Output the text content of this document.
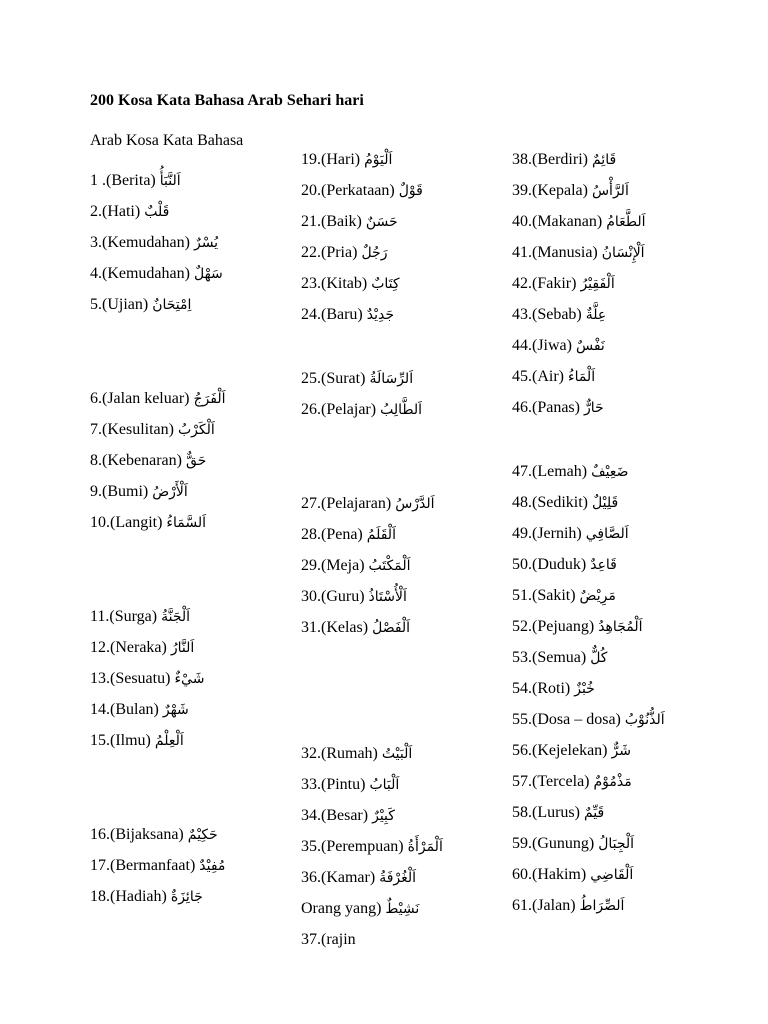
200 Kosa Kata Bahasa Arab Sehari hari
Arab Kosa Kata Bahasa
1 .(Berita) اَلنَّبَأُ
2.(Hati) قَلْبٌ
3.(Kemudahan) يُسْرٌ
4.(Kemudahan) سَهْلٌ
5.(Ujian) اِمْتِحَانٌ
6.(Jalan keluar) اَلْفَرَجُ
7.(Kesulitan) اَلْكَرْبُ
8.(Kebenaran) حَقٌّ
9.(Bumi) اَلْأَرْضُ
10.(Langit) اَلسَّمَاءُ
11.(Surga) اَلْجَنَّةُ
12.(Neraka) اَلنَّارُ
13.(Sesuatu) شَيْءٌ
14.(Bulan) شَهْرٌ
15.(Ilmu) اَلْعِلْمُ
16.(Bijaksana) حَكِيْمٌ
17.(Bermanfaat) مُفِيْدٌ
18.(Hadiah) جَائِزَةٌ
19.(Hari) اَلْيَوْمُ
20.(Perkataan) قَوْلٌ
21.(Baik) حَسَنٌ
22.(Pria) رَجُلٌ
23.(Kitab) كِتَابٌ
24.(Baru) جَدِيْدٌ
25.(Surat) اَلرِّسَالَةُ
26.(Pelajar) اَلطَّالِبُ
27.(Pelajaran) اَلدَّرْسُ
28.(Pena) اَلْقَلَمُ
29.(Meja) اَلْمَكْتَبُ
30.(Guru) اَلْأُسْتَاذُ
31.(Kelas) اَلْفَصْلُ
32.(Rumah) اَلْبَيْتُ
33.(Pintu) اَلْبَابُ
34.(Besar) كَبِيْرٌ
35.(Perempuan) اَلْمَرْأَةُ
36.(Kamar) اَلْغُرْفَةُ
Orang yang) نَشِيْطٌ
37.(rajin
38.(Berdiri) قَائِمٌ
39.(Kepala) اَلرَّأْسُ
40.(Makanan) اَلطَّعَامُ
41.(Manusia) اَلْإِنْسَانُ
42.(Fakir) اَلْفَقِيْرُ
43.(Sebab) عِلَّةٌ
44.(Jiwa) نَفْسٌ
45.(Air) اَلْمَاءُ
46.(Panas) حَارٌّ
47.(Lemah) ضَعِيْفٌ
48.(Sedikit) قَلِيْلٌ
49.(Jernih) اَلصَّافِي
50.(Duduk) قَاعِدٌ
51.(Sakit) مَرِيْضٌ
52.(Pejuang) اَلْمُجَاهِدُ
53.(Semua) كُلٌّ
54.(Roti) خُبْزٌ
55.(Dosa – dosa) اَلذُّنُوْبُ
56.(Kejelekan) شَرٌّ
57.(Tercela) مَذْمُوْمٌ
58.(Lurus) قَيِّمٌ
59.(Gunung) اَلْجِبَالُ
60.(Hakim) اَلْقَاضِي
61.(Jalan) اَلصِّرَاطُ
